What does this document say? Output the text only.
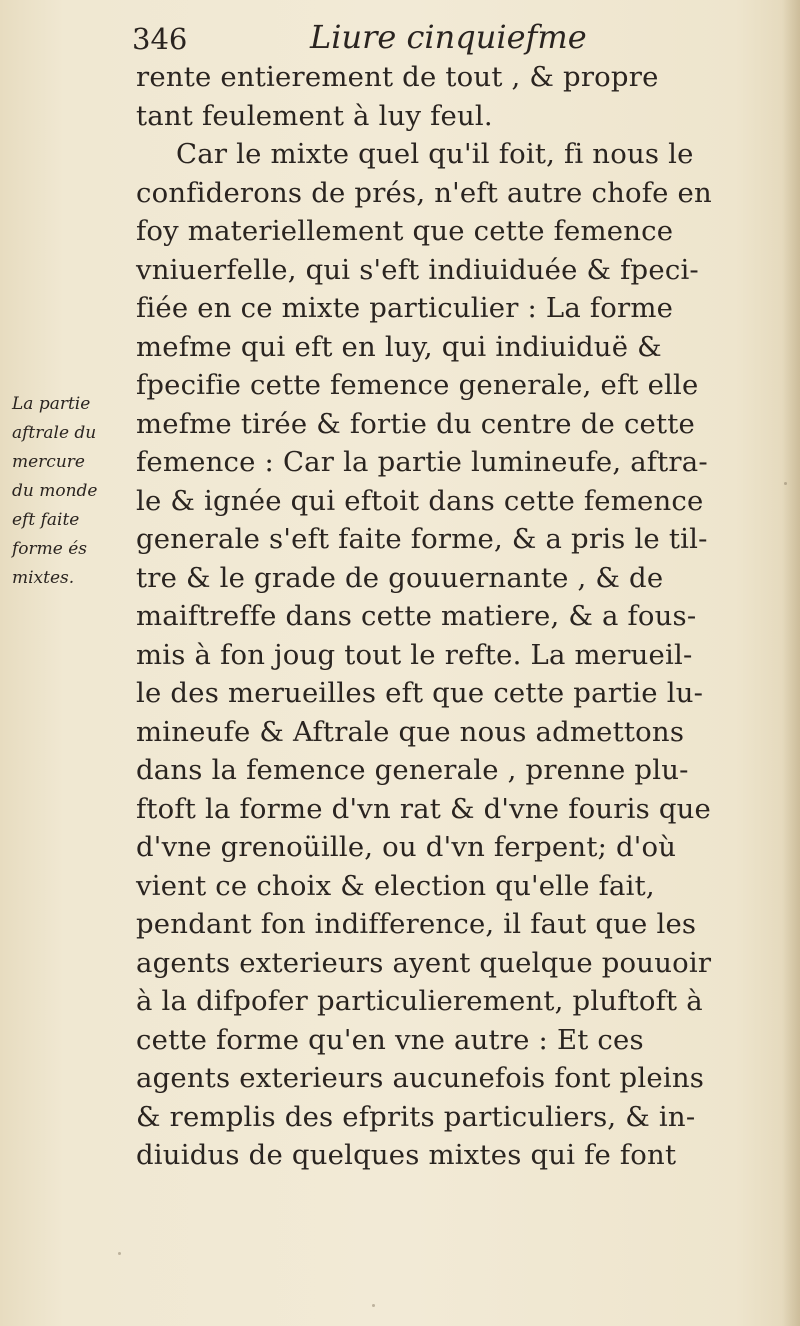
346	Liure cinquiefme
La partie
aftrale du
mercure
du monde
eft faite
forme és
mixtes.
rente entierement de tout , & propre
tant feulement à luy feul.
Car le mixte quel qu'il foit, fi nous le
confiderons de prés, n'eft autre chofe en
foy materiellement que cette femence
vniuerfelle, qui s'eft indiuiduée & fpeci-
fiée en ce mixte particulier : La forme
mefme qui eft en luy, qui indiuiduë &
fpecifie cette femence generale, eft elle
mefme tirée & fortie du centre de cette
femence : Car la partie lumineufe, aftra-
le & ignée qui eftoit dans cette femence
generale s'eft faite forme, & a pris le til-
tre & le grade de gouuernante , & de
maiftreffe dans cette matiere, & a fous-
mis à fon joug tout le refte. La merueil-
le des merueilles eft que cette partie lu-
mineufe & Aftrale que nous admettons
dans la femence generale , prenne plu-
ftoft la forme d'vn rat & d'vne fouris que
d'vne grenoüille, ou d'vn ferpent; d'où
vient ce choix & election qu'elle fait,
pendant fon indifference, il faut que les
agents exterieurs ayent quelque pouuoir
à la difpofer particulierement, pluftoft à
cette forme qu'en vne autre : Et ces
agents exterieurs aucunefois font pleins
& remplis des efprits particuliers, & in-
diuidus de quelques mixtes qui fe font
